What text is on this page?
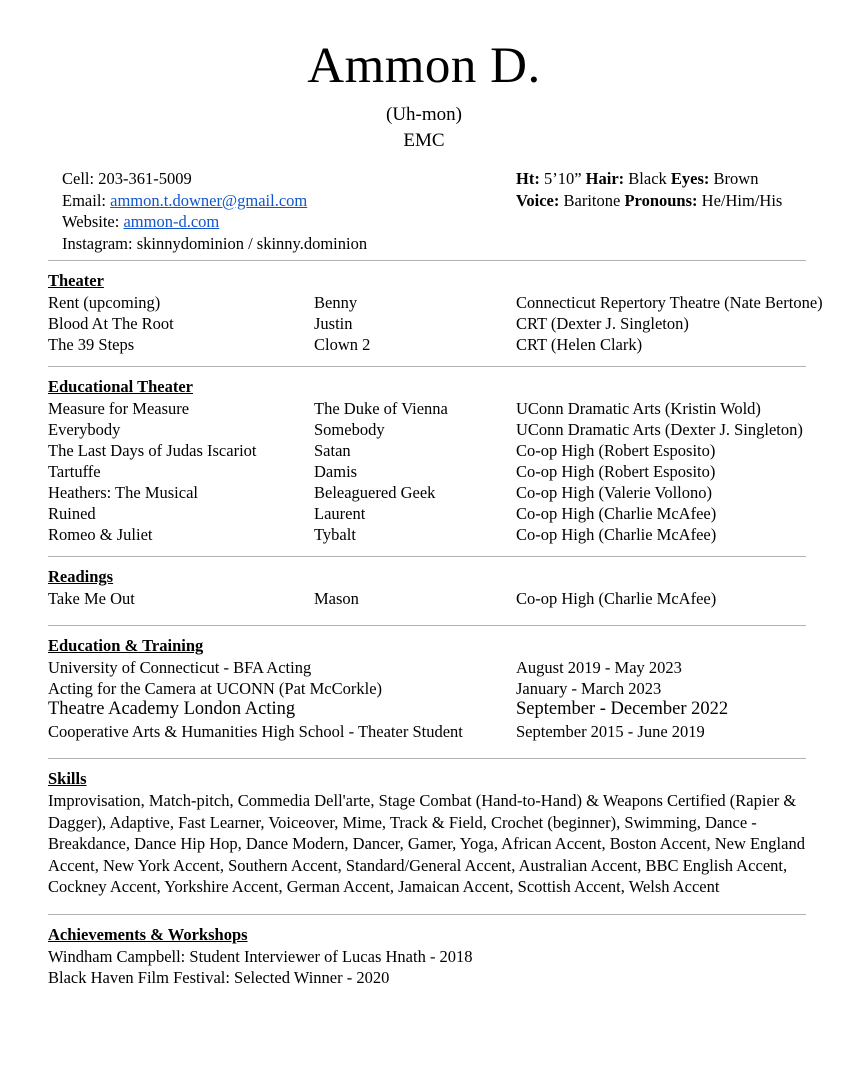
Ammon D.
(Uh-mon)
EMC
Cell: 203-361-5009
Email: ammon.t.downer@gmail.com
Website: ammon-d.com
Instagram: skinnydominion / skinny.dominion
Ht: 5’10” Hair: Black Eyes: Brown
Voice: Baritone Pronouns: He/Him/His
Theater
Rent (upcoming)	Benny	Connecticut Repertory Theatre (Nate Bertone)
Blood At The Root	Justin	CRT (Dexter J. Singleton)
The 39 Steps	Clown 2	CRT (Helen Clark)
Educational Theater
Measure for Measure	The Duke of Vienna	UConn Dramatic Arts (Kristin Wold)
Everybody	Somebody	UConn Dramatic Arts (Dexter J. Singleton)
The Last Days of Judas Iscariot	Satan	Co-op High (Robert Esposito)
Tartuffe	Damis	Co-op High (Robert Esposito)
Heathers: The Musical	Beleaguered Geek	Co-op High (Valerie Vollono)
Ruined	Laurent	Co-op High (Charlie McAfee)
Romeo & Juliet	Tybalt	Co-op High (Charlie McAfee)
Readings
Take Me Out	Mason	Co-op High (Charlie McAfee)
Education & Training
University of Connecticut - BFA Acting	August 2019 - May 2023
Acting for the Camera at UCONN (Pat McCorkle)	January - March 2023
Theatre Academy London Acting	September - December 2022
Cooperative Arts & Humanities High School - Theater Student	September 2015 - June 2019
Skills
Improvisation, Match-pitch, Commedia Dell'arte, Stage Combat (Hand-to-Hand) & Weapons Certified (Rapier & Dagger), Adaptive, Fast Learner, Voiceover, Mime, Track & Field, Crochet (beginner), Swimming, Dance - Breakdance, Dance Hip Hop, Dance Modern, Dancer, Gamer, Yoga, African Accent, Boston Accent, New England Accent, New York Accent, Southern Accent, Standard/General Accent, Australian Accent, BBC English Accent, Cockney Accent, Yorkshire Accent, German Accent, Jamaican Accent, Scottish Accent, Welsh Accent
Achievements & Workshops
Windham Campbell: Student Interviewer of Lucas Hnath - 2018
Black Haven Film Festival: Selected Winner - 2020
